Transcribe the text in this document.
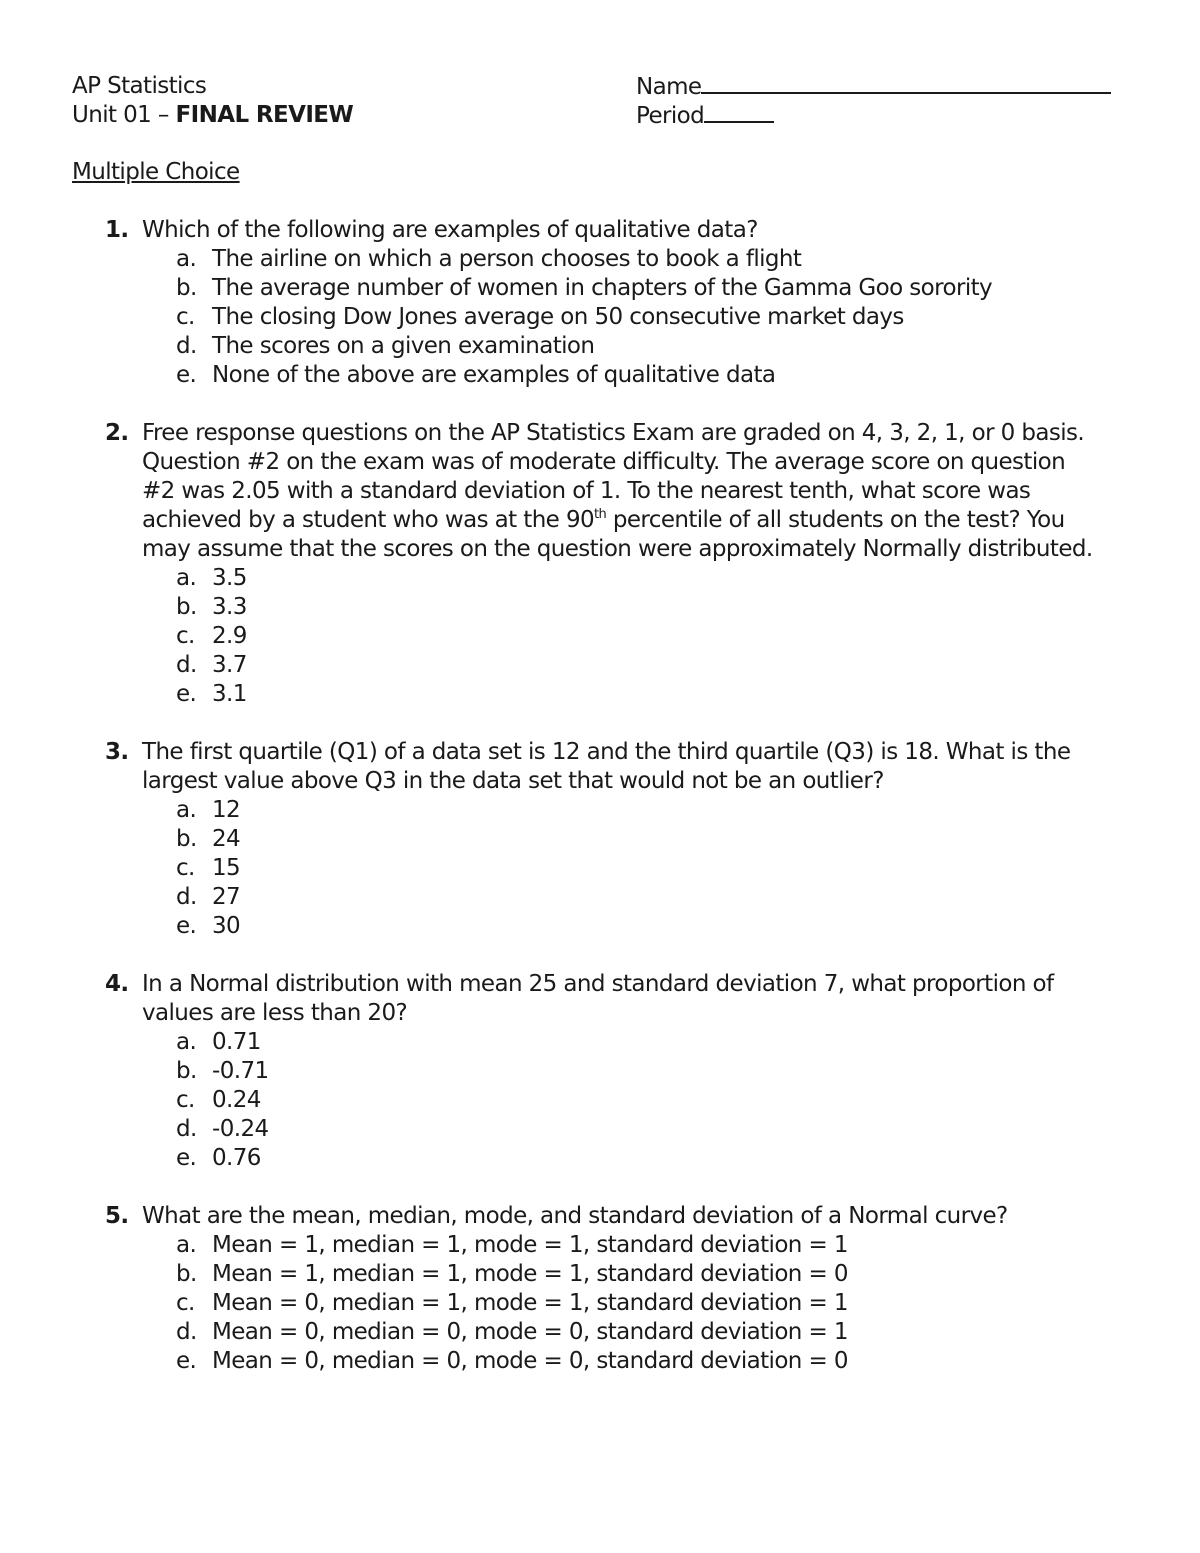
AP Statistics
Unit 01 – FINAL REVIEW
Name
Period
Multiple Choice
1. Which of the following are examples of qualitative data?
a. The airline on which a person chooses to book a flight
b. The average number of women in chapters of the Gamma Goo sorority
c. The closing Dow Jones average on 50 consecutive market days
d. The scores on a given examination
e. None of the above are examples of qualitative data
2. Free response questions on the AP Statistics Exam are graded on 4, 3, 2, 1, or 0 basis.
Question #2 on the exam was of moderate difficulty. The average score on question
#2 was 2.05 with a standard deviation of 1. To the nearest tenth, what score was
achieved by a student who was at the 90th percentile of all students on the test? You
may assume that the scores on the question were approximately Normally distributed.
a. 3.5
b. 3.3
c. 2.9
d. 3.7
e. 3.1
3. The first quartile (Q1) of a data set is 12 and the third quartile (Q3) is 18. What is the
largest value above Q3 in the data set that would not be an outlier?
a. 12
b. 24
c. 15
d. 27
e. 30
4. In a Normal distribution with mean 25 and standard deviation 7, what proportion of
values are less than 20?
a. 0.71
b. -0.71
c. 0.24
d. -0.24
e. 0.76
5. What are the mean, median, mode, and standard deviation of a Normal curve?
a. Mean = 1, median = 1, mode = 1, standard deviation = 1
b. Mean = 1, median = 1, mode = 1, standard deviation = 0
c. Mean = 0, median = 1, mode = 1, standard deviation = 1
d. Mean = 0, median = 0, mode = 0, standard deviation = 1
e. Mean = 0, median = 0, mode = 0, standard deviation = 0
